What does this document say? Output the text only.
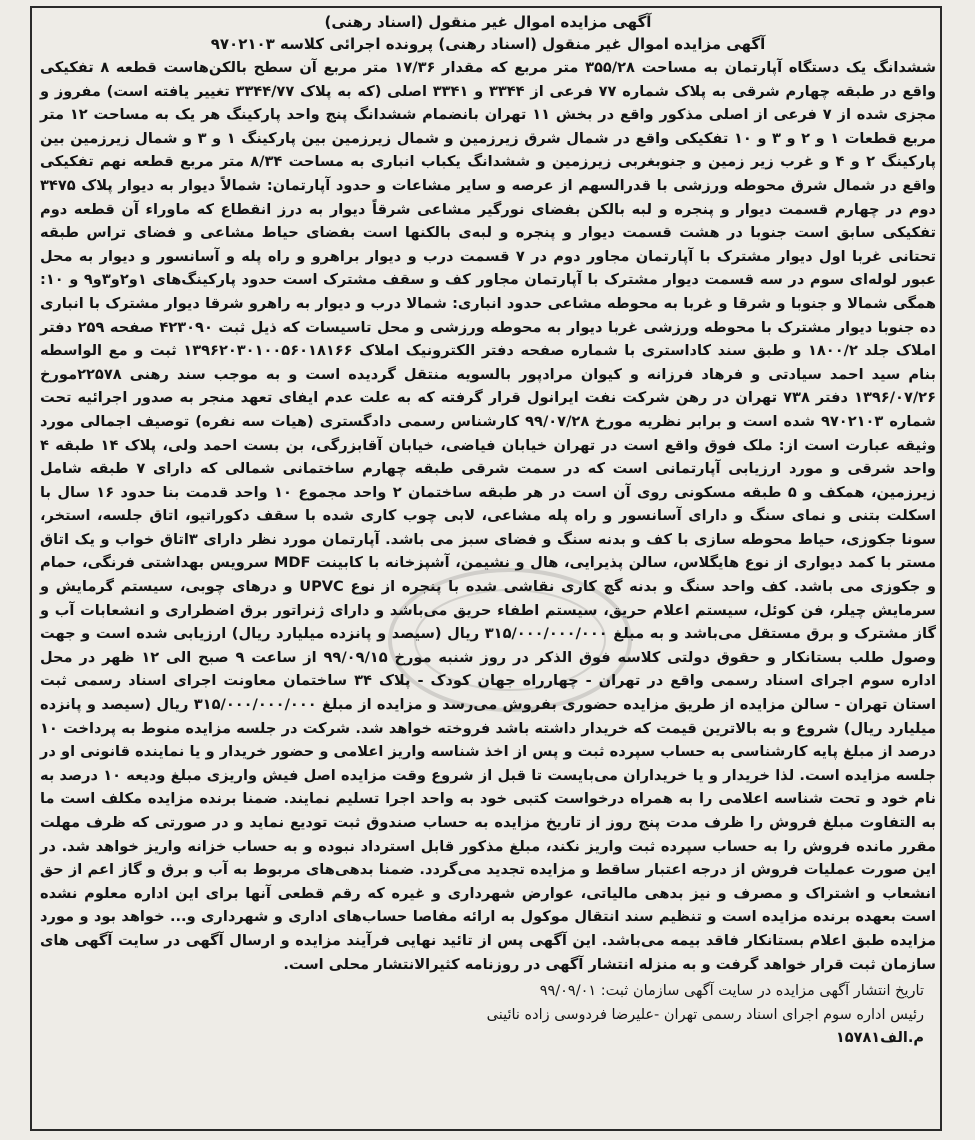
آگهی مزایده اموال غیر منقول (اسناد رهنی)
آگهی مزایده اموال غیر منقول (اسناد رهنی) پرونده اجرائی کلاسه ۹۷۰۲۱۰۳

ششدانگ یک دستگاه آپارتمان به مساحت ۳۵۵/۲۸ متر مربع که مقدار ۱۷/۳۶ متر مربع آن سطح بالکن‌هاست قطعه ۸ تفکیکی واقع در طبقه چهارم شرقی به پلاک شماره ۷۷ فرعی از ۳۳۴۴ و ۳۳۴۱ اصلی (که به پلاک ۳۳۴۴/۷۷ تغییر یافته است) مفروز و مجزی شده از ۷ فرعی از اصلی مذکور واقع در بخش ۱۱ تهران بانضمام ششدانگ پنج واحد پارکینگ هر یک به مساحت ۱۲ متر مربع قطعات ۱ و ۲ و ۳ و ۱۰ تفکیکی واقع در شمال شرق زیرزمین و شمال زیرزمین بین پارکینگ ۱ و ۳ و شمال زیرزمین بین پارکینگ ۲ و ۴ و غرب زیر زمین و جنوبغربی زیرزمین و ششدانگ یکباب انباری به مساحت ۸/۳۴ متر مربع قطعه نهم تفکیکی واقع در شمال شرق محوطه ورزشی با قدرالسهم از عرصه و سایر مشاعات و حدود آپارتمان: شمالاً دیوار به دیوار پلاک ۳۴۷۵ دوم در چهارم قسمت دیوار و پنجره و لبه بالکن بفضای نورگیر مشاعی شرقاً دیوار به درز انقطاع که ماوراء آن قطعه دوم تفکیکی سابق است جنوبا در هشت قسمت دیوار و پنجره و لبه‌ی بالکنها است بفضای حیاط مشاعی و فضای تراس طبقه تحتانی غربا اول دیوار مشترک با آپارتمان مجاور دوم در ۷ قسمت درب و دیوار براهرو و راه پله و آسانسور و دیوار به محل عبور لوله‌ای سوم در سه قسمت دیوار مشترک با آپارتمان مجاور کف و سقف مشترک است حدود پارکینگ‌های ۱و۲و۳و۹ و ۱۰: همگی شمالا و جنوبا و شرقا و غربا به محوطه مشاعی حدود انباری: شمالا درب و دیوار به راهرو شرقا دیوار مشترک با انباری ده جنوبا دیوار مشترک با محوطه ورزشی غربا دیوار به محوطه ورزشی و محل تاسیسات که ذیل ثبت ۴۲۳۰۹۰ صفحه ۲۵۹ دفتر املاک جلد ۱۸۰۰/۲ و طبق سند کاداستری با شماره صفحه دفتر الکترونیک املاک ۱۳۹۶۲۰۳۰۱۰۰۵۶۰۱۸۱۶۶ ثبت و مع الواسطه بنام سید احمد سیادتی و فرهاد فرزانه و کیوان مرادپور بالسویه منتقل گردیده است و به موجب سند رهنی ۲۲۵۷۸مورخ ۱۳۹۶/۰۷/۲۶ دفتر ۷۳۸ تهران در رهن شرکت نفت ایرانول قرار گرفته که به علت عدم ایفای تعهد منجر به صدور اجرائیه تحت شماره ۹۷۰۲۱۰۳ شده است و برابر نظریه مورخ ۹۹/۰۷/۲۸ کارشناس رسمی دادگستری (هیات سه نفره) توصیف اجمالی مورد وثیقه عبارت است از: ملک فوق واقع است در تهران خیابان فیاضی، خیابان آقابزرگی، بن بست احمد ولی، پلاک ۱۴ طبقه ۴ واحد شرقی و مورد ارزیابی آپارتمانی است که در سمت شرقی طبقه چهارم ساختمانی شمالی که دارای ۷ طبقه شامل زیرزمین، همکف و ۵ طبقه مسکونی روی آن است در هر طبقه ساختمان ۲ واحد مجموع ۱۰ واحد قدمت بنا حدود ۱۶ سال با اسکلت بتنی و نمای سنگ و دارای آسانسور و راه پله مشاعی، لابی چوب کاری شده با سقف دکوراتیو، اتاق جلسه، استخر، سونا جکوزی، حیاط محوطه سازی با کف و بدنه سنگ و فضای سبز می باشد. آپارتمان مورد نظر دارای ۳اتاق خواب و یک اتاق مستر با کمد دیواری از نوع هایگلاس، سالن پذیرایی، هال و نشیمن، آشپزخانه با کابینت MDF سرویس بهداشتی فرنگی، حمام و جکوزی می باشد. کف واحد سنگ و بدنه گچ کاری نقاشی شده با پنجره از نوع UPVC و درهای چوبی، سیستم گرمایش و سرمایش چیلر، فن کوئل، سیستم اعلام حریق، سیستم اطفاء حریق می‌باشد و دارای ژنراتور برق اضطراری و انشعابات آب و گاز مشترک و برق مستقل می‌باشد و به مبلغ ۳۱۵/۰۰۰/۰۰۰/۰۰۰ ریال (سیصد و پانزده میلیارد ریال) ارزیابی شده است و جهت وصول طلب بستانکار و حقوق دولتی کلاسه فوق الذکر در روز شنبه مورخ ۹۹/۰۹/۱۵ از ساعت ۹ صبح الی ۱۲ ظهر در محل اداره سوم اجرای اسناد رسمی واقع در تهران - چهارراه جهان کودک - پلاک ۳۴ ساختمان معاونت اجرای اسناد رسمی ثبت استان تهران - سالن مزایده از طریق مزایده حضوری بفروش می‌رسد و مزایده از مبلغ ۳۱۵/۰۰۰/۰۰۰/۰۰۰ ریال (سیصد و پانزده میلیارد ریال) شروع و به بالاترین قیمت که خریدار داشته باشد فروخته خواهد شد. شرکت در جلسه مزایده منوط به پرداخت ۱۰ درصد از مبلغ پایه کارشناسی به حساب سپرده ثبت و پس از اخذ شناسه واریز اعلامی و حضور خریدار و یا نماینده قانونی او در جلسه مزایده است. لذا خریدار و یا خریداران می‌بایست تا قبل از شروع وقت مزایده اصل فیش واریزی مبلغ ودیعه ۱۰ درصد به نام خود و تحت شناسه اعلامی را به همراه درخواست کتبی خود به واحد اجرا تسلیم نمایند. ضمنا برنده مزایده مکلف است ما به التفاوت مبلغ فروش را ظرف مدت پنج روز از تاریخ مزایده به حساب صندوق ثبت تودیع نماید و در صورتی که ظرف مهلت مقرر مانده فروش را به حساب سپرده ثبت واریز نکند، مبلغ مذکور قابل استرداد نبوده و به حساب خزانه واریز خواهد شد. در این صورت عملیات فروش از درجه اعتبار ساقط و مزایده تجدید می‌گردد. ضمنا بدهی‌های مربوط به آب و برق و گاز اعم از حق انشعاب و اشتراک و مصرف و نیز بدهی مالیاتی، عوارض شهرداری و غیره که رقم قطعی آنها برای این اداره معلوم نشده است بعهده برنده مزایده است و تنظیم سند انتقال موکول به ارائه مفاصا حساب‌های اداری و شهرداری و... خواهد بود و مورد مزایده طبق اعلام بستانکار فاقد بیمه می‌باشد. این آگهی پس از تائید نهایی فرآیند مزایده و ارسال آگهی در سایت آگهی های سازمان ثبت قرار خواهد گرفت و به منزله انتشار آگهی در روزنامه کثیرالانتشار محلی است.

تاریخ انتشار آگهی مزایده در سایت آگهی سازمان ثبت: ۹۹/۰۹/۰۱

رئیس اداره سوم اجرای اسناد رسمی تهران -علیرضا فردوسی زاده نائینی

م.الف۱۵۷۸۱
